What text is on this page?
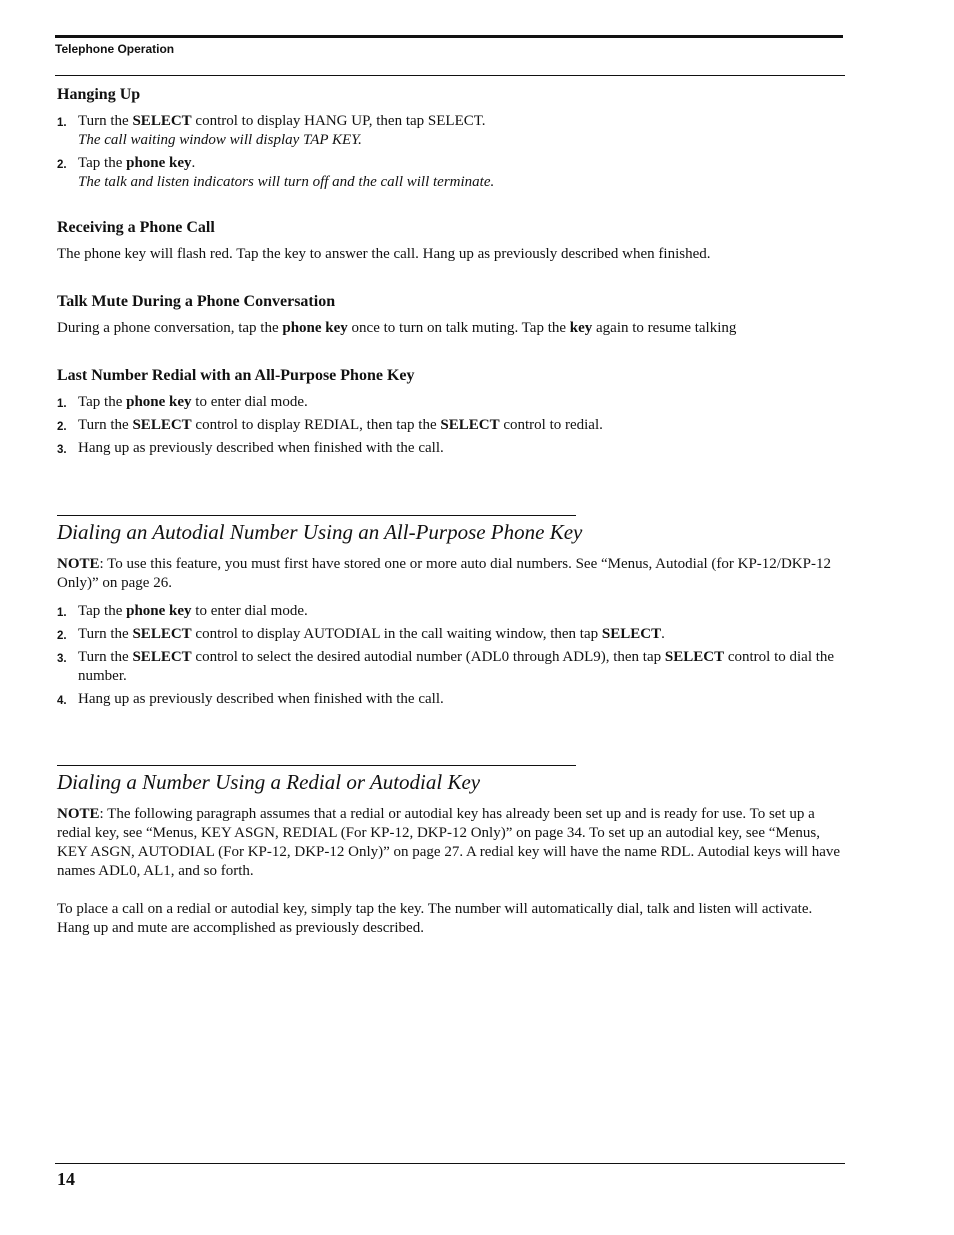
Telephone Operation
Hanging Up
1. Turn the SELECT control to display HANG UP, then tap SELECT.
The call waiting window will display TAP KEY.
2. Tap the phone key.
The talk and listen indicators will turn off and the call will terminate.
Receiving a Phone Call

The phone key will flash red. Tap the key to answer the call. Hang up as previously described when finished.

Talk Mute During a Phone Conversation

During a phone conversation, tap the phone key once to turn on talk muting. Tap the key again to resume talking

Last Number Redial with an All-Purpose Phone Key
1. Tap the phone key to enter dial mode.
2. Turn the SELECT control to display REDIAL, then tap the SELECT control to redial.
3. Hang up as previously described when finished with the call.
Dialing an Autodial Number Using an All-Purpose Phone Key

NOTE: To use this feature, you must first have stored one or more auto dial numbers. See “Menus, Autodial (for KP-12/DKP-12 Only)” on page 26.

1. Tap the phone key to enter dial mode.
2. Turn the SELECT control to display AUTODIAL in the call waiting window, then tap SELECT.
3. Turn the SELECT control to select the desired autodial number (ADL0 through ADL9), then tap SELECT control to dial the number.
4. Hang up as previously described when finished with the call.
Dialing a Number Using a Redial or Autodial Key

NOTE: The following paragraph assumes that a redial or autodial key has already been set up and is ready for use. To set up a redial key, see “Menus, KEY ASGN, REDIAL (For KP-12, DKP-12 Only)” on page 34. To set up an autodial key, see “Menus, KEY ASGN, AUTODIAL (For KP-12, DKP-12 Only)” on page 27. A redial key will have the name RDL. Autodial keys will have names ADL0, AL1, and so forth.

To place a call on a redial or autodial key, simply tap the key. The number will automatically dial, talk and listen will activate. Hang up and mute are accomplished as previously described.

14
